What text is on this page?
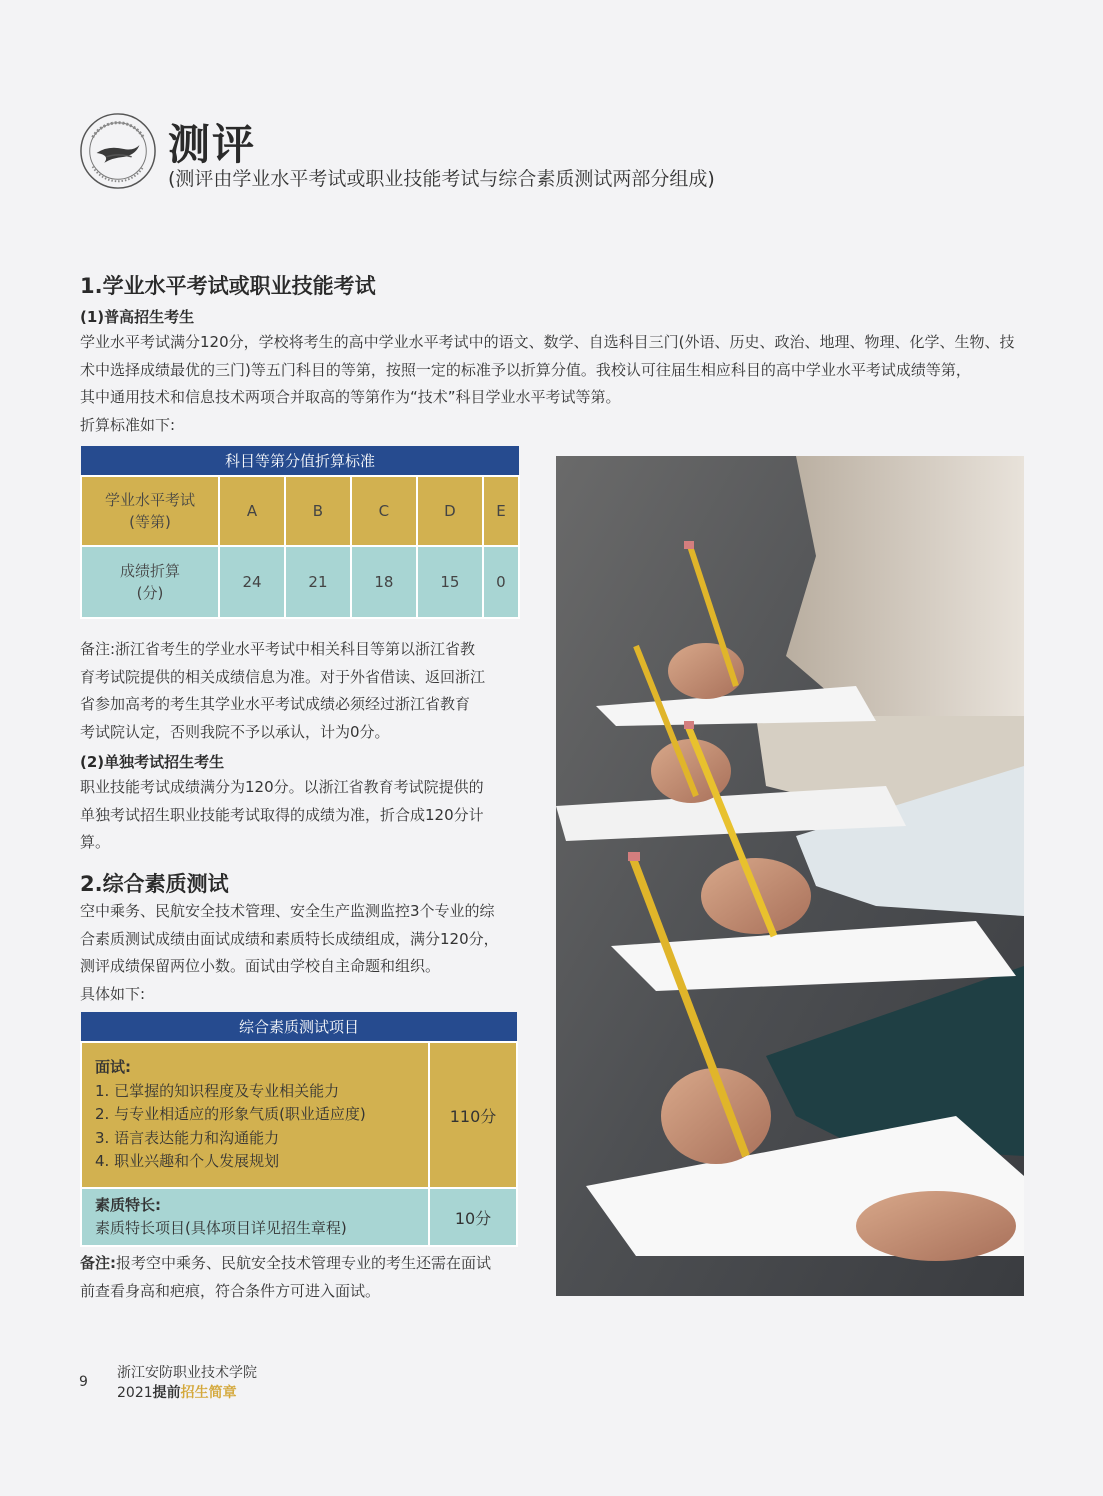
测评
(测评由学业水平考试或职业技能考试与综合素质测试两部分组成)
1.学业水平考试或职业技能考试
(1)普高招生考生
学业水平考试满分120分，学校将考生的高中学业水平考试中的语文、数学、自选科目三门(外语、历史、政治、地理、物理、化学、生物、技
术中选择成绩最优的三门)等五门科目的等第，按照一定的标准予以折算分值。我校认可往届生相应科目的高中学业水平考试成绩等第，
其中通用技术和信息技术两项合并取高的等第作为“技术”科目学业水平考试等第。
折算标准如下:
科目等第分值折算标准					

学业水平考试
(等第)	A	B	C	D	E

成绩折算
(分)	24	21	18	15	0
备注:浙江省考生的学业水平考试中相关科目等第以浙江省教
育考试院提供的相关成绩信息为准。对于外省借读、返回浙江
省参加高考的考生其学业水平考试成绩必须经过浙江省教育
考试院认定，否则我院不予以承认，计为0分。
(2)单独考试招生考生
职业技能考试成绩满分为120分。以浙江省教育考试院提供的
单独考试招生职业技能考试取得的成绩为准，折合成120分计
算。
2.综合素质测试
空中乘务、民航安全技术管理、安全生产监测监控3个专业的综
合素质测试成绩由面试成绩和素质特长成绩组成，满分120分，
测评成绩保留两位小数。面试由学校自主命题和组织。
具体如下:
综合素质测试项目	

面试:
1. 已掌握的知识程度及专业相关能力
2. 与专业相适应的形象气质(职业适应度)
3. 语言表达能力和沟通能力
4. 职业兴趣和个人发展规划	110分

素质特长:
素质特长项目(具体项目详见招生章程)	10分
备注:报考空中乘务、民航安全技术管理专业的考生还需在面试
前查看身高和疤痕，符合条件方可进入面试。
9
浙江安防职业技术学院
2021提前招生简章
